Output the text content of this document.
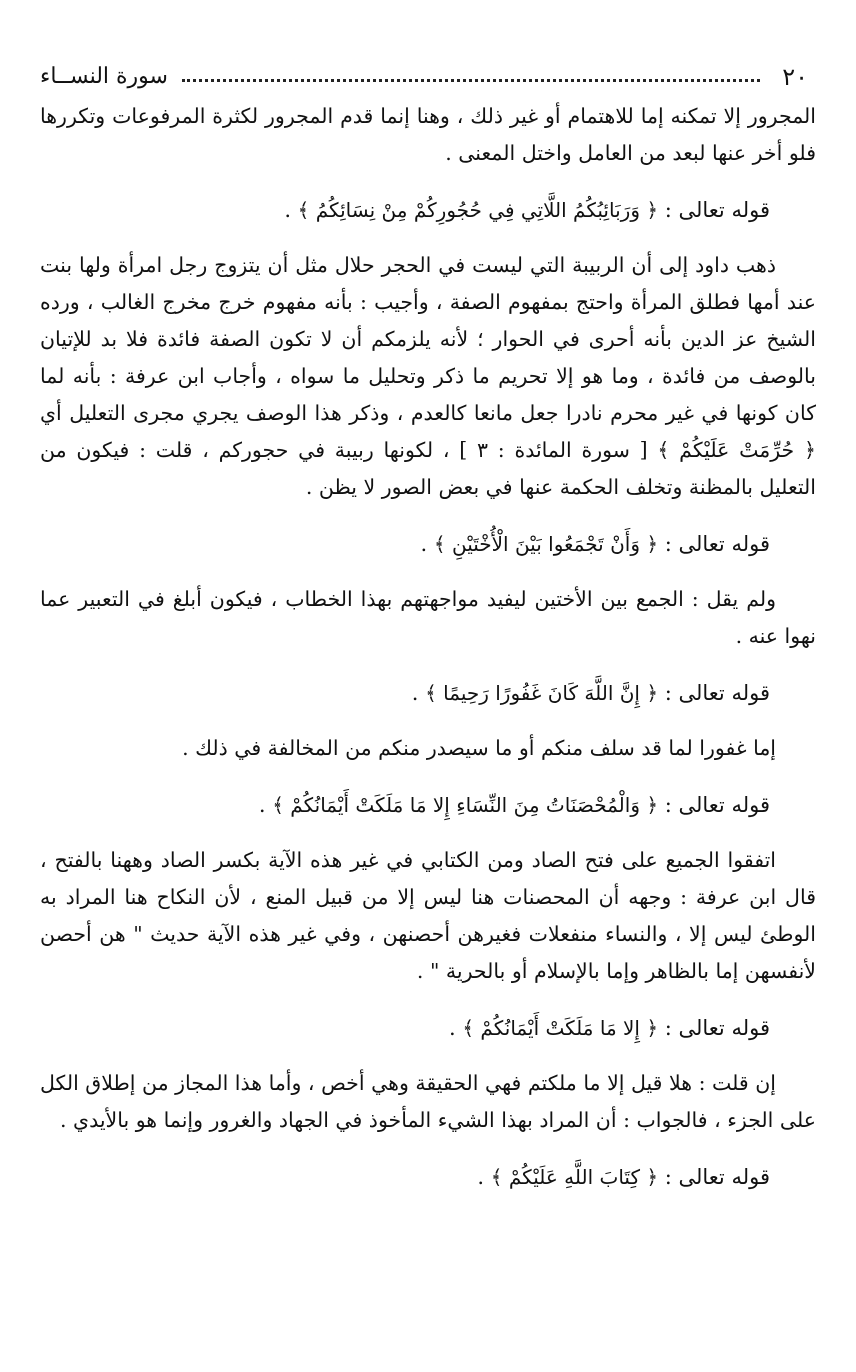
٢٠
سورة النســاء

المجرور إلا تمكنه إما للاهتمام أو غير ذلك ، وهنا إنما قدم المجرور لكثرة المرفوعات وتكررها فلو أخر عنها لبعد من العامل واختل المعنى .

قوله تعالى : ﴿ وَرَبَائِبُكُمُ اللَّاتِي فِي حُجُورِكُمْ مِنْ نِسَائِكُمُ ﴾ .

ذهب داود إلى أن الربيبة التي ليست في الحجر حلال مثل أن يتزوج رجل امرأة ولها بنت عند أمها فطلق المرأة واحتج بمفهوم الصفة ، وأجيب : بأنه مفهوم خرج مخرج الغالب ، ورده الشيخ عز الدين بأنه أحرى في الحوار ؛ لأنه يلزمكم أن لا تكون الصفة فائدة فلا بد للإتيان بالوصف من فائدة ، وما هو إلا تحريم ما ذكر وتحليل ما سواه ، وأجاب ابن عرفة : بأنه لما كان كونها في غير محرم نادرا جعل مانعا كالعدم ، وذكر هذا الوصف يجري مجرى التعليل أي ﴿ حُرِّمَتْ عَلَيْكُمْ ﴾ [ سورة المائدة : ٣ ] ، لكونها ربيبة في حجوركم ، قلت : فيكون من التعليل بالمظنة وتخلف الحكمة عنها في بعض الصور لا يظن .

قوله تعالى : ﴿ وَأَنْ تَجْمَعُوا بَيْنَ الْأُخْتَيْنِ ﴾ .

ولم يقل : الجمع بين الأختين ليفيد مواجهتهم بهذا الخطاب ، فيكون أبلغ في التعبير عما نهوا عنه .

قوله تعالى : ﴿ إِنَّ اللَّهَ كَانَ غَفُورًا رَحِيمًا ﴾ .

إما غفورا لما قد سلف منكم أو ما سيصدر منكم من المخالفة في ذلك .

قوله تعالى : ﴿ وَالْمُحْصَنَاتُ مِنَ النِّسَاءِ إِلا مَا مَلَكَتْ أَيْمَانُكُمْ ﴾ .

اتفقوا الجميع على فتح الصاد ومن الكتابي في غير هذه الآية بكسر الصاد وههنا بالفتح ، قال ابن عرفة : وجهه أن المحصنات هنا ليس إلا من قبيل المنع ، لأن النكاح هنا المراد به الوطئ ليس إلا ، والنساء منفعلات فغيرهن أحصنهن ، وفي غير هذه الآية حديث " هن أحصن لأنفسهن إما بالظاهر وإما بالإسلام أو بالحرية " .

قوله تعالى : ﴿ إِلا مَا مَلَكَتْ أَيْمَانُكُمْ ﴾ .

إن قلت : هلا قيل إلا ما ملكتم فهي الحقيقة وهي أخص ، وأما هذا المجاز من إطلاق الكل على الجزء ، فالجواب : أن المراد بهذا الشيء المأخوذ في الجهاد والغرور وإنما هو بالأيدي .

قوله تعالى : ﴿ كِتَابَ اللَّهِ عَلَيْكُمْ ﴾ .
